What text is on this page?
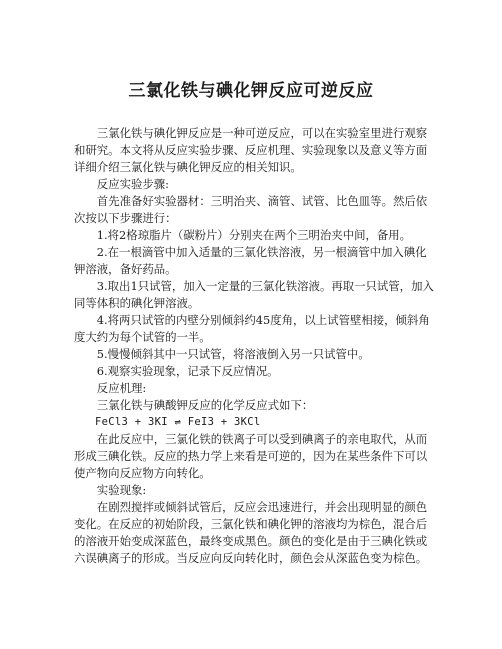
三氯化铁与碘化钾反应可逆反应

三氯化铁与碘化钾反应是一种可逆反应，可以在实验室里进行观察和研究。本文将从反应实验步骤、反应机理、实验现象以及意义等方面详细介绍三氯化铁与碘化钾反应的相关知识。

反应实验步骤:

首先准备好实验器材：三明治夹、滴管、试管、比色皿等。然后依次按以下步骤进行：

1.将2格琼脂片（碳粉片）分别夹在两个三明治夹中间，备用。

2.在一根滴管中加入适量的三氯化铁溶液，另一根滴管中加入碘化钾溶液，备好药品。

3.取出1只试管，加入一定量的三氯化铁溶液。再取一只试管，加入同等体积的碘化钾溶液。

4.将两只试管的内壁分别倾斜约45度角，以上试管壁相接，倾斜角度大约为每个试管的一半。

5.慢慢倾斜其中一只试管，将溶液倒入另一只试管中。

6.观察实验现象，记录下反应情况。

反应机理:

三氯化铁与碘酸钾反应的化学反应式如下：

FeCl3 + 3KI ⇌ FeI3 + 3KCl

在此反应中，三氯化铁的铁离子可以受到碘离子的亲电取代，从而形成三碘化铁。反应的热力学上来看是可逆的，因为在某些条件下可以使产物向反应物方向转化。

实验现象:

在剧烈搅拌或倾斜试管后，反应会迅速进行，并会出现明显的颜色变化。在反应的初始阶段，三氯化铁和碘化钾的溶液均为棕色，混合后的溶液开始变成深蓝色，最终变成黑色。颜色的变化是由于三碘化铁或六误碘离子的形成。当反应向反向转化时，颜色会从深蓝色变为棕色。
